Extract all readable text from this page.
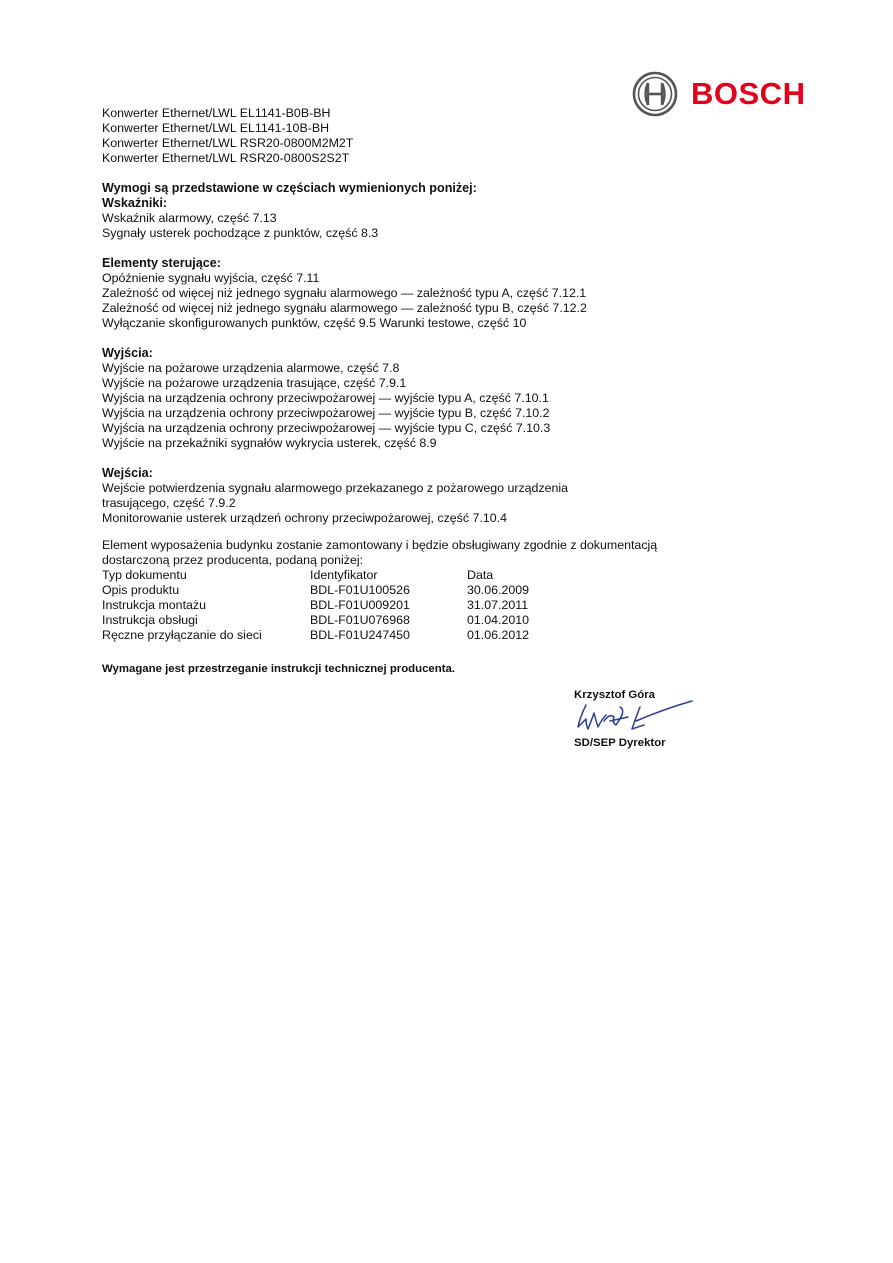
BOSCH
Konwerter Ethernet/LWL EL1141-B0B-BH
Konwerter Ethernet/LWL EL1141-10B-BH
Konwerter Ethernet/LWL RSR20-0800M2M2T
Konwerter Ethernet/LWL RSR20-0800S2S2T
Wymogi są przedstawione w częściach wymienionych poniżej:
Wskaźniki:
Wskaźnik alarmowy, część 7.13
Sygnały usterek pochodzące z punktów, część 8.3
Elementy sterujące:
Opóźnienie sygnału wyjścia, część 7.11
Zależność od więcej niż jednego sygnału alarmowego — zależność typu A, część 7.12.1
Zależność od więcej niż jednego sygnału alarmowego — zależność typu B, część 7.12.2
Wyłączanie skonfigurowanych punktów, część 9.5 Warunki testowe, część 10
Wyjścia:
Wyjście na pożarowe urządzenia alarmowe, część 7.8
Wyjście na pożarowe urządzenia trasujące, część 7.9.1
Wyjścia na urządzenia ochrony przeciwpożarowej — wyjście typu A, część 7.10.1
Wyjścia na urządzenia ochrony przeciwpożarowej — wyjście typu B, część 7.10.2
Wyjścia na urządzenia ochrony przeciwpożarowej — wyjście typu C, część 7.10.3
Wyjście na przekaźniki sygnałów wykrycia usterek, część 8.9
Wejścia:
Wejście potwierdzenia sygnału alarmowego przekazanego z pożarowego urządzenia
trasującego, część 7.9.2
Monitorowanie usterek urządzeń ochrony przeciwpożarowej, część 7.10.4
Element wyposażenia budynku zostanie zamontowany i będzie obsługiwany zgodnie z dokumentacją
dostarczoną przez producenta, podaną poniżej:
Typ dokumentu	Identyfikator	Data
Opis produktu	BDL-F01U100526	30.06.2009
Instrukcja montażu	BDL-F01U009201	31.07.2011
Instrukcja obsługi	BDL-F01U076968	01.04.2010
Ręczne przyłączanie do sieci	BDL-F01U247450	01.06.2012
Wymagane jest przestrzeganie instrukcji technicznej producenta.
Krzysztof Góra
SD/SEP Dyrektor
